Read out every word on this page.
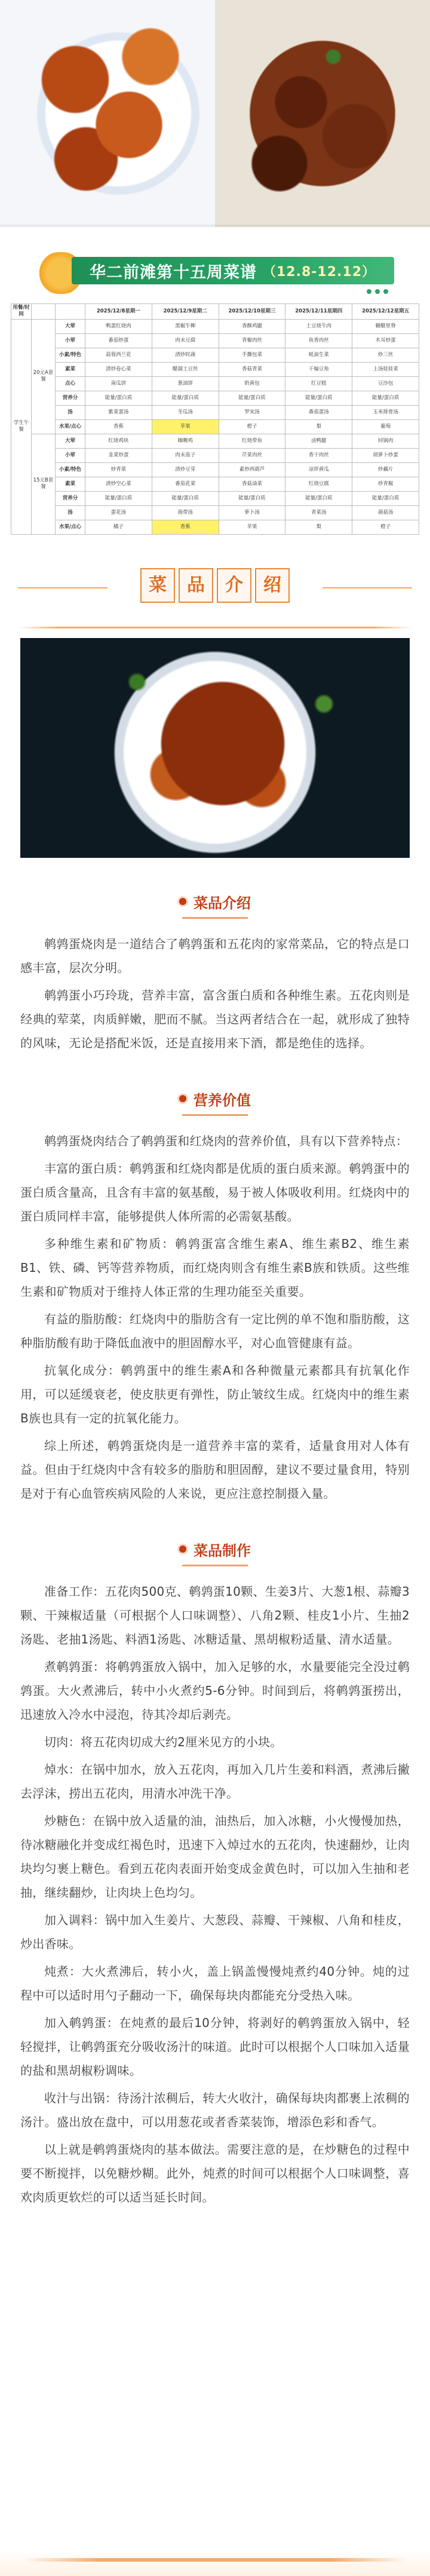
华二前滩第十五周菜谱 （12.8-12.12）
用餐/时间			2025/12/8星期一	2025/12/9星期二	2025/12/10星期三	2025/12/11星期四	2025/12/12星期五
学生午餐	20元A套餐	大荤	鸭蛋红烧肉	黑椒牛柳	香酥鸡腿	土豆烧牛肉	糖醋里脊
		小荤	番茄炒蛋	肉末豆腐	青椒肉丝	鱼香肉丝	木耳炒蛋
		小素/特色	蒜蓉西兰花	清炒时蔬	手撕包菜	蚝油生菜	炒三丝
		素菜	清炒卷心菜	醋溜土豆丝	香菇青菜	干煸豆角	上汤娃娃菜
		点心	南瓜饼	葱油饼	奶黄包	红豆糕	豆沙包
		营养分	能量/蛋白质	能量/蛋白质	能量/蛋白质	能量/蛋白质	能量/蛋白质
		汤	紫菜蛋汤	冬瓜汤	罗宋汤	番茄蛋汤	玉米排骨汤
		水果/点心	香蕉	苹果	橙子	梨	葡萄
	15元B套餐	大荤	红烧鸡块	咖喱鸡	红烧带鱼	卤鸭腿	回锅肉
		小荤	韭菜炒蛋	肉末茄子	芹菜肉丝	香干肉丝	胡萝卜炒蛋
		小素/特色	炒青菜	清炒豆芽	素炒西葫芦	凉拌黄瓜	炒藕片
		素菜	清炒空心菜	番茄花菜	香菇油菜	红烧豆腐	炒青椒
		营养分	能量/蛋白质	能量/蛋白质	能量/蛋白质	能量/蛋白质	能量/蛋白质
		汤	蛋花汤	海带汤	萝卜汤	青菜汤	菌菇汤
		水果/点心	橘子	香蕉	苹果	梨	橙子
菜	品	介	绍
菜品介绍

鹌鹑蛋烧肉是一道结合了鹌鹑蛋和五花肉的家常菜品，它的特点是口感丰富，层次分明。

鹌鹑蛋小巧玲珑，营养丰富，富含蛋白质和各种维生素。五花肉则是经典的荤菜，肉质鲜嫩，肥而不腻。当这两者结合在一起，就形成了独特的风味，无论是搭配米饭，还是直接用来下酒，都是绝佳的选择。

营养价值

鹌鹑蛋烧肉结合了鹌鹑蛋和红烧肉的营养价值，具有以下营养特点：

丰富的蛋白质：鹌鹑蛋和红烧肉都是优质的蛋白质来源。鹌鹑蛋中的蛋白质含量高，且含有丰富的氨基酸，易于被人体吸收利用。红烧肉中的蛋白质同样丰富，能够提供人体所需的必需氨基酸。

多种维生素和矿物质：鹌鹑蛋富含维生素A、维生素B2、维生素B1、铁、磷、钙等营养物质，而红烧肉则含有维生素B族和铁质。这些维生素和矿物质对于维持人体正常的生理功能至关重要。

有益的脂肪酸：红烧肉中的脂肪含有一定比例的单不饱和脂肪酸，这种脂肪酸有助于降低血液中的胆固醇水平，对心血管健康有益。

抗氧化成分：鹌鹑蛋中的维生素A和各种微量元素都具有抗氧化作用，可以延缓衰老，使皮肤更有弹性，防止皱纹生成。红烧肉中的维生素B族也具有一定的抗氧化能力。

综上所述，鹌鹑蛋烧肉是一道营养丰富的菜肴，适量食用对人体有益。但由于红烧肉中含有较多的脂肪和胆固醇，建议不要过量食用，特别是对于有心血管疾病风险的人来说，更应注意控制摄入量。

菜品制作

准备工作：五花肉500克、鹌鹑蛋10颗、生姜3片、大葱1根、蒜瓣3颗、干辣椒适量（可根据个人口味调整）、八角2颗、桂皮1小片、生抽2汤匙、老抽1汤匙、料酒1汤匙、冰糖适量、黑胡椒粉适量、清水适量。

煮鹌鹑蛋：将鹌鹑蛋放入锅中，加入足够的水，水量要能完全没过鹌鹑蛋。大火煮沸后，转中小火煮约5-6分钟。时间到后，将鹌鹑蛋捞出，迅速放入冷水中浸泡，待其冷却后剥壳。

切肉：将五花肉切成大约2厘米见方的小块。

焯水：在锅中加水，放入五花肉，再加入几片生姜和料酒，煮沸后撇去浮沫，捞出五花肉，用清水冲洗干净。

炒糖色：在锅中放入适量的油，油热后，加入冰糖，小火慢慢加热，待冰糖融化并变成红褐色时，迅速下入焯过水的五花肉，快速翻炒，让肉块均匀裹上糖色。看到五花肉表面开始变成金黄色时，可以加入生抽和老抽，继续翻炒，让肉块上色均匀。

加入调料：锅中加入生姜片、大葱段、蒜瓣、干辣椒、八角和桂皮，炒出香味。

炖煮：大火煮沸后，转小火，盖上锅盖慢慢炖煮约40分钟。炖的过程中可以适时用勺子翻动一下，确保每块肉都能充分受热入味。

加入鹌鹑蛋：在炖煮的最后10分钟，将剥好的鹌鹑蛋放入锅中，轻轻搅拌，让鹌鹑蛋充分吸收汤汁的味道。此时可以根据个人口味加入适量的盐和黑胡椒粉调味。

收汁与出锅：待汤汁浓稠后，转大火收汁，确保每块肉都裹上浓稠的汤汁。盛出放在盘中，可以用葱花或者香菜装饰，增添色彩和香气。

以上就是鹌鹑蛋烧肉的基本做法。需要注意的是，在炒糖色的过程中要不断搅拌，以免糖炒糊。此外，炖煮的时间可以根据个人口味调整，喜欢肉质更软烂的可以适当延长时间。
